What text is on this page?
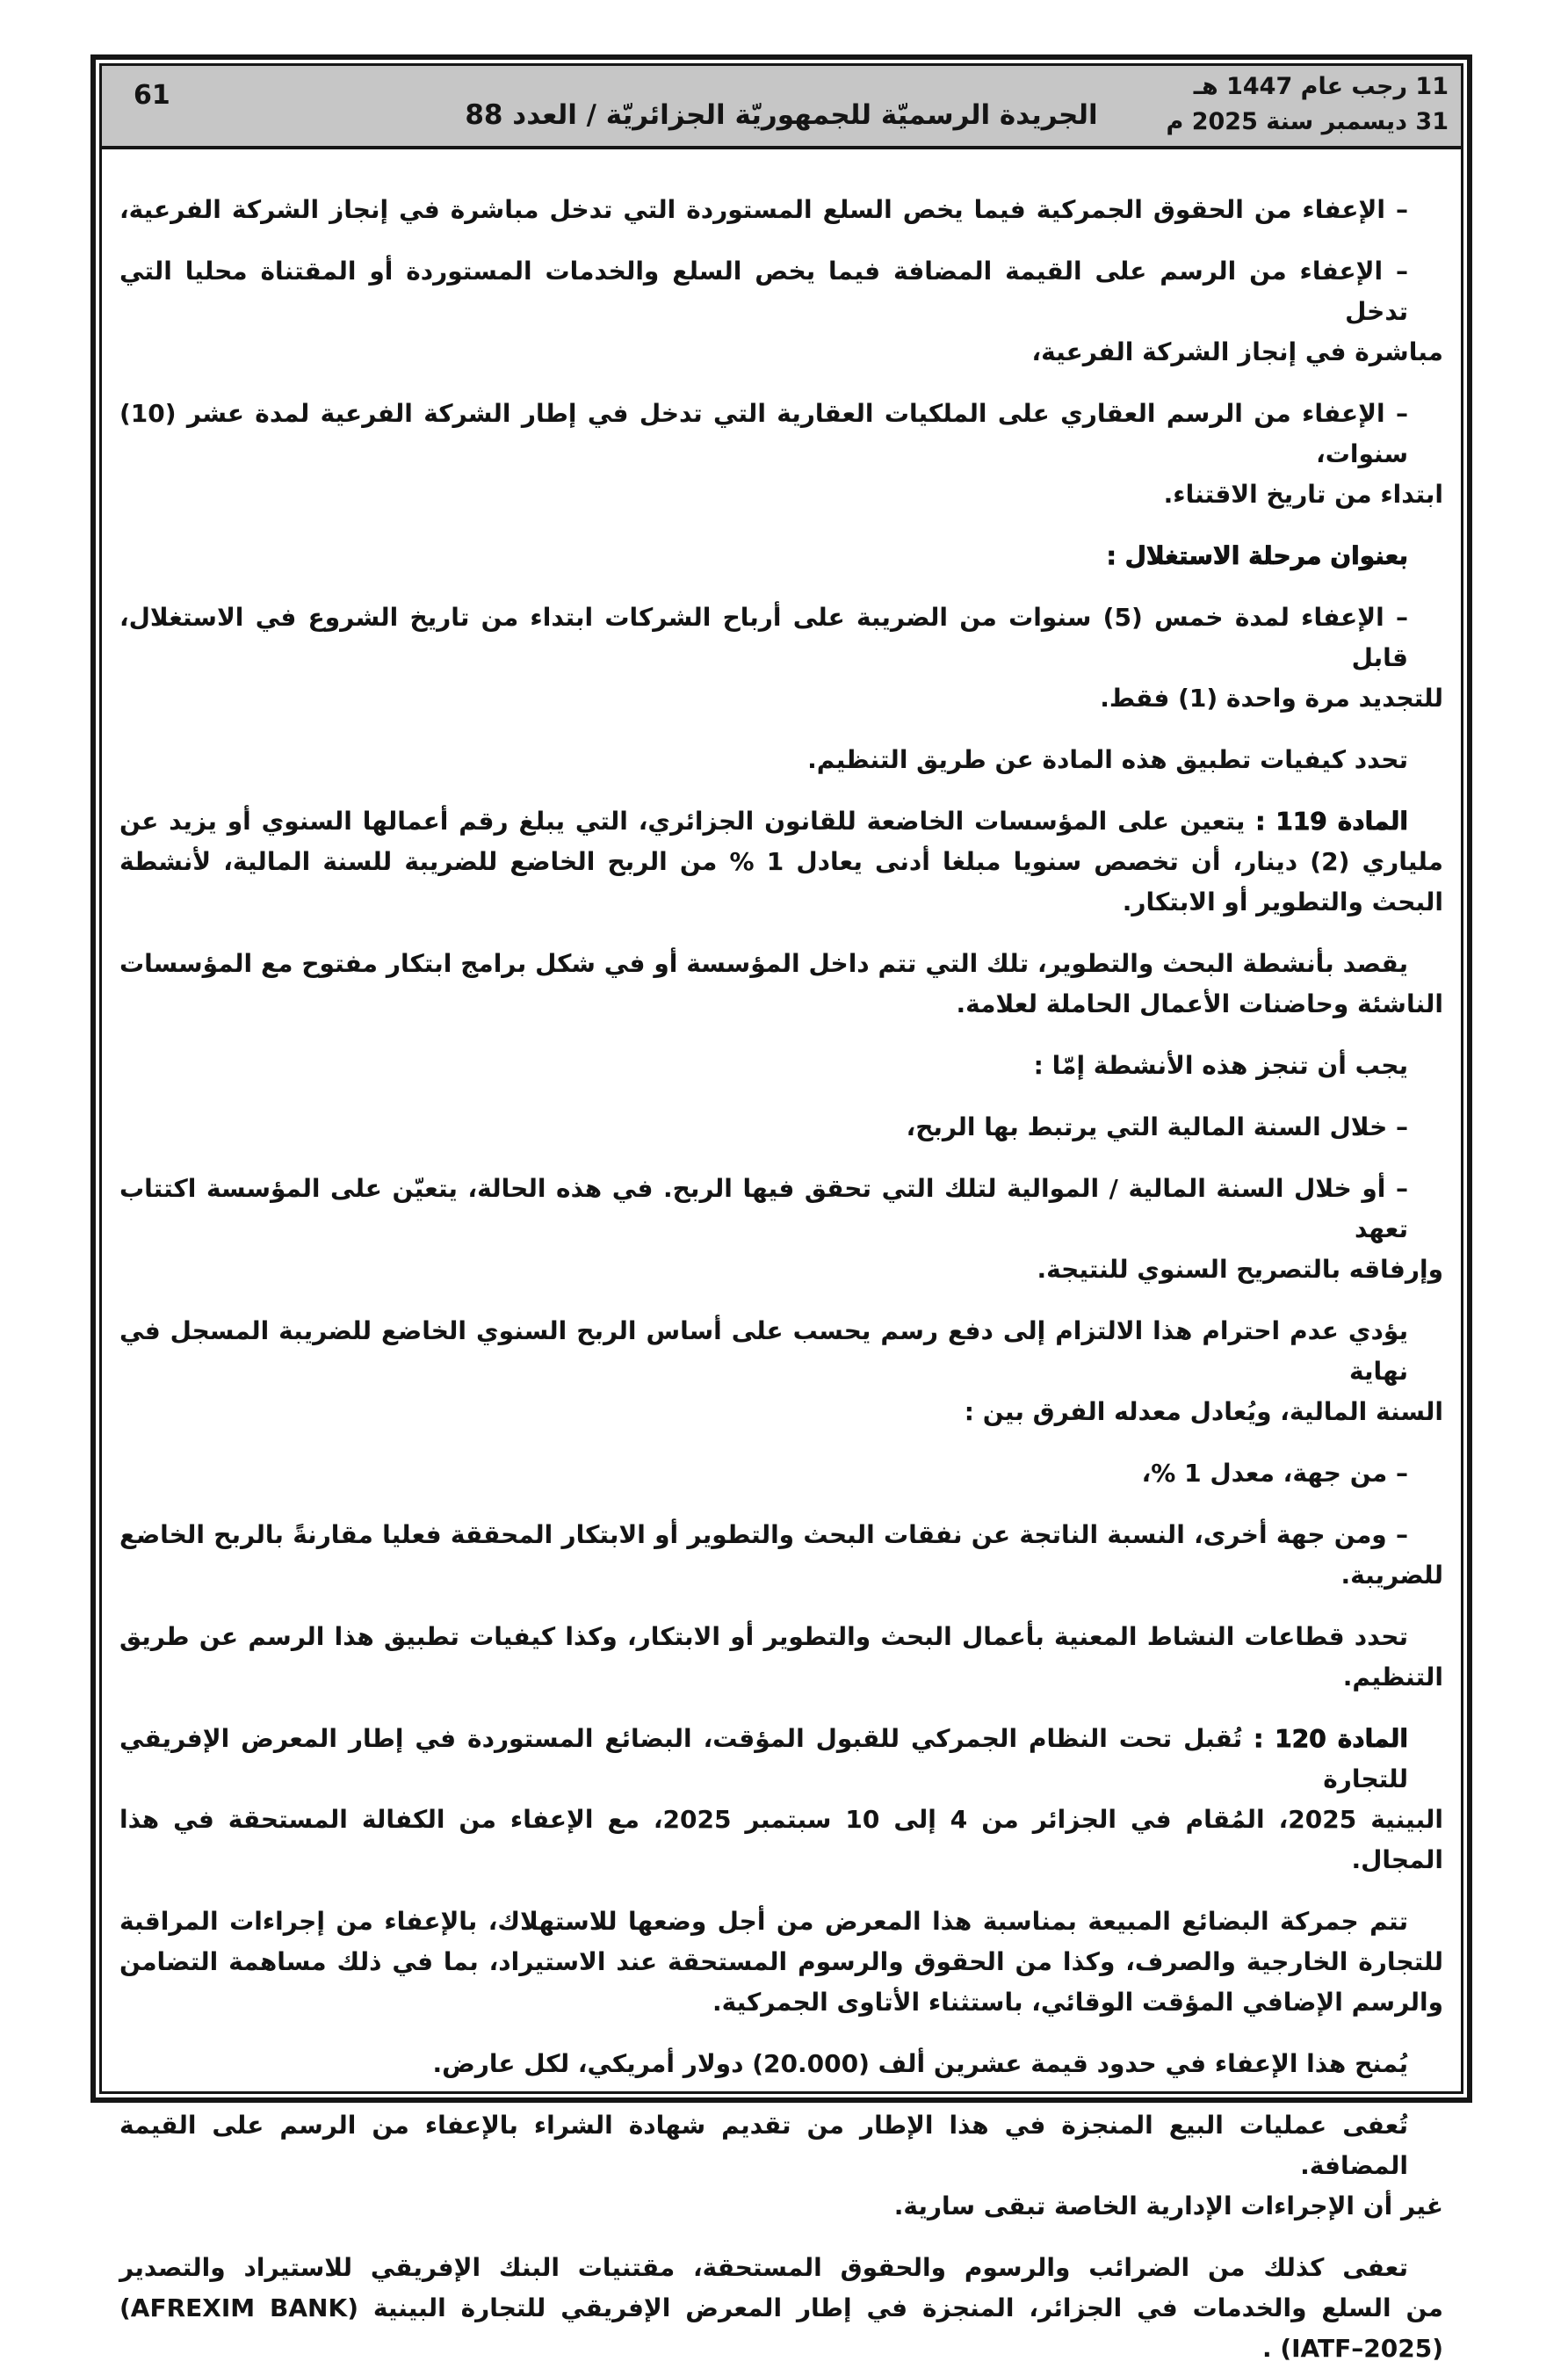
61
الجريدة الرسميّة للجمهوريّة الجزائريّة / العدد 88
11 رجب عام 1447 هـ
31 ديسمبر سنة 2025 م
– الإعفاء من الحقوق الجمركية فيما يخص السلع المستوردة التي تدخل مباشرة في إنجاز الشركة الفرعية،
– الإعفاء من الرسم على القيمة المضافة فيما يخص السلع والخدمات المستوردة أو المقتناة محليا التي تدخل
مباشرة في إنجاز الشركة الفرعية،
– الإعفاء من الرسم العقاري على الملكيات العقارية التي تدخل في إطار الشركة الفرعية لمدة عشر (10) سنوات،
ابتداء من تاريخ الاقتناء.
بعنوان مرحلة الاستغلال :
– الإعفاء لمدة خمس (5) سنوات من الضريبة على أرباح الشركات ابتداء من تاريخ الشروع في الاستغلال، قابل
للتجديد مرة واحدة (1) فقط.
تحدد كيفيات تطبيق هذه المادة عن طريق التنظيم.
المادة 119 : يتعين على المؤسسات الخاضعة للقانون الجزائري، التي يبلغ رقم أعمالها السنوي أو يزيد عن
ملياري (2) دينار، أن تخصص سنويا مبلغا أدنى يعادل 1 % من الربح الخاضع للضريبة للسنة المالية، لأنشطة
البحث والتطوير أو الابتكار.
يقصد بأنشطة البحث والتطوير، تلك التي تتم داخل المؤسسة أو في شكل برامج ابتكار مفتوح مع المؤسسات
الناشئة وحاضنات الأعمال الحاملة لعلامة.
يجب أن تنجز هذه الأنشطة إمّا :
– خلال السنة المالية التي يرتبط بها الربح،
– أو خلال السنة المالية / الموالية لتلك التي تحقق فيها الربح. في هذه الحالة، يتعيّن على المؤسسة اكتتاب تعهد
وإرفاقه بالتصريح السنوي للنتيجة.
يؤدي عدم احترام هذا الالتزام إلى دفع رسم يحسب على أساس الربح السنوي الخاضع للضريبة المسجل في نهاية
السنة المالية، ويُعادل معدله الفرق بين :
– من جهة، معدل 1 %،
– ومن جهة أخرى، النسبة الناتجة عن نفقات البحث والتطوير أو الابتكار المحققة فعليا مقارنةً بالربح الخاضع
للضريبة.
تحدد قطاعات النشاط المعنية بأعمال البحث والتطوير أو الابتكار، وكذا كيفيات تطبيق هذا الرسم عن طريق
التنظيم.
المادة 120 : تُقبل تحت النظام الجمركي للقبول المؤقت، البضائع المستوردة في إطار المعرض الإفريقي للتجارة
البينية 2025، المُقام في الجزائر من 4 إلى 10 سبتمبر 2025، مع الإعفاء من الكفالة المستحقة في هذا المجال.
تتم جمركة البضائع المبيعة بمناسبة هذا المعرض من أجل وضعها للاستهلاك، بالإعفاء من إجراءات المراقبة
للتجارة الخارجية والصرف، وكذا من الحقوق والرسوم المستحقة عند الاستيراد، بما في ذلك مساهمة التضامن
والرسم الإضافي المؤقت الوقائي، باستثناء الأتاوى الجمركية.
يُمنح هذا الإعفاء في حدود قيمة عشرين ألف (20.000) دولار أمريكي، لكل عارض.
تُعفى عمليات البيع المنجزة في هذا الإطار من تقديم شهادة الشراء بالإعفاء من الرسم على القيمة المضافة.
غير أن الإجراءات الإدارية الخاصة تبقى سارية.
تعفى كذلك من الضرائب والرسوم والحقوق المستحقة، مقتنيات البنك الإفريقي للاستيراد والتصدير
من السلع والخدمات في الجزائر، المنجزة في إطار المعرض الإفريقي للتجارة البينية (AFREXIM BANK)
(IATF–2025) .
